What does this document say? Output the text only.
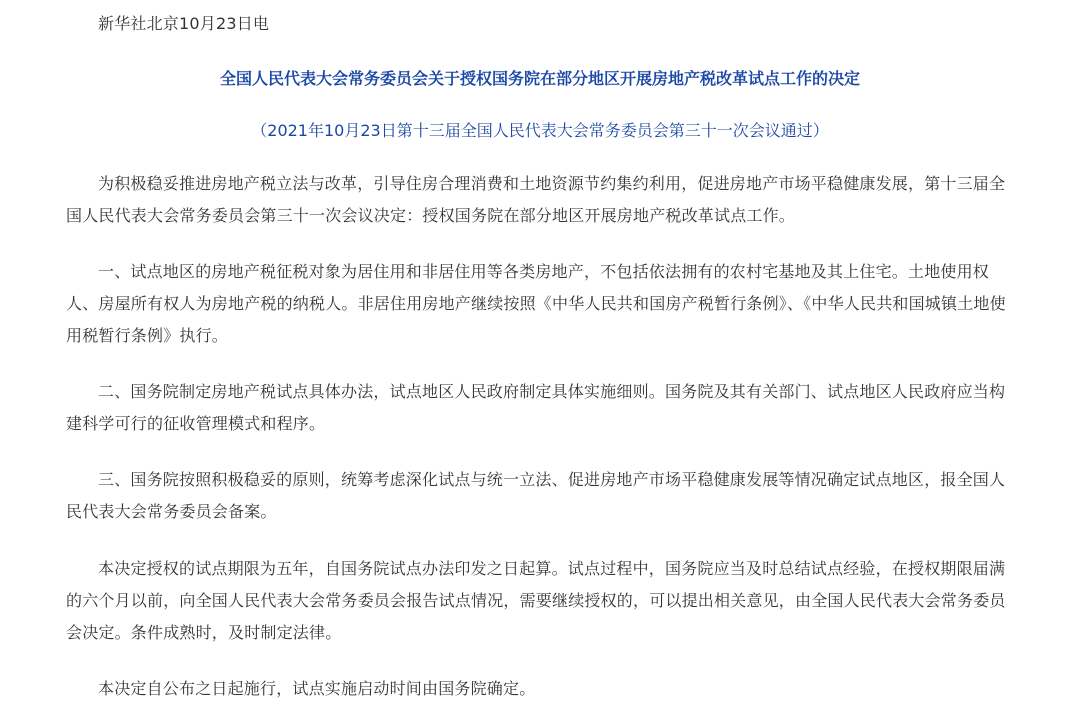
新华社北京10月23日电

全国人民代表大会常务委员会关于授权国务院在部分地区开展房地产税改革试点工作的决定

（2021年10月23日第十三届全国人民代表大会常务委员会第三十一次会议通过）

为积极稳妥推进房地产税立法与改革，引导住房合理消费和土地资源节约集约利用，促进房地产市场平稳健康发展，第十三届全国人民代表大会常务委员会第三十一次会议决定：授权国务院在部分地区开展房地产税改革试点工作。

一、试点地区的房地产税征税对象为居住用和非居住用等各类房地产，不包括依法拥有的农村宅基地及其上住宅。土地使用权人、房屋所有权人为房地产税的纳税人。非居住用房地产继续按照《中华人民共和国房产税暂行条例》、《中华人民共和国城镇土地使用税暂行条例》执行。

二、国务院制定房地产税试点具体办法，试点地区人民政府制定具体实施细则。国务院及其有关部门、试点地区人民政府应当构建科学可行的征收管理模式和程序。

三、国务院按照积极稳妥的原则，统筹考虑深化试点与统一立法、促进房地产市场平稳健康发展等情况确定试点地区，报全国人民代表大会常务委员会备案。

本决定授权的试点期限为五年，自国务院试点办法印发之日起算。试点过程中，国务院应当及时总结试点经验，在授权期限届满的六个月以前，向全国人民代表大会常务委员会报告试点情况，需要继续授权的，可以提出相关意见，由全国人民代表大会常务委员会决定。条件成熟时，及时制定法律。

本决定自公布之日起施行，试点实施启动时间由国务院确定。
